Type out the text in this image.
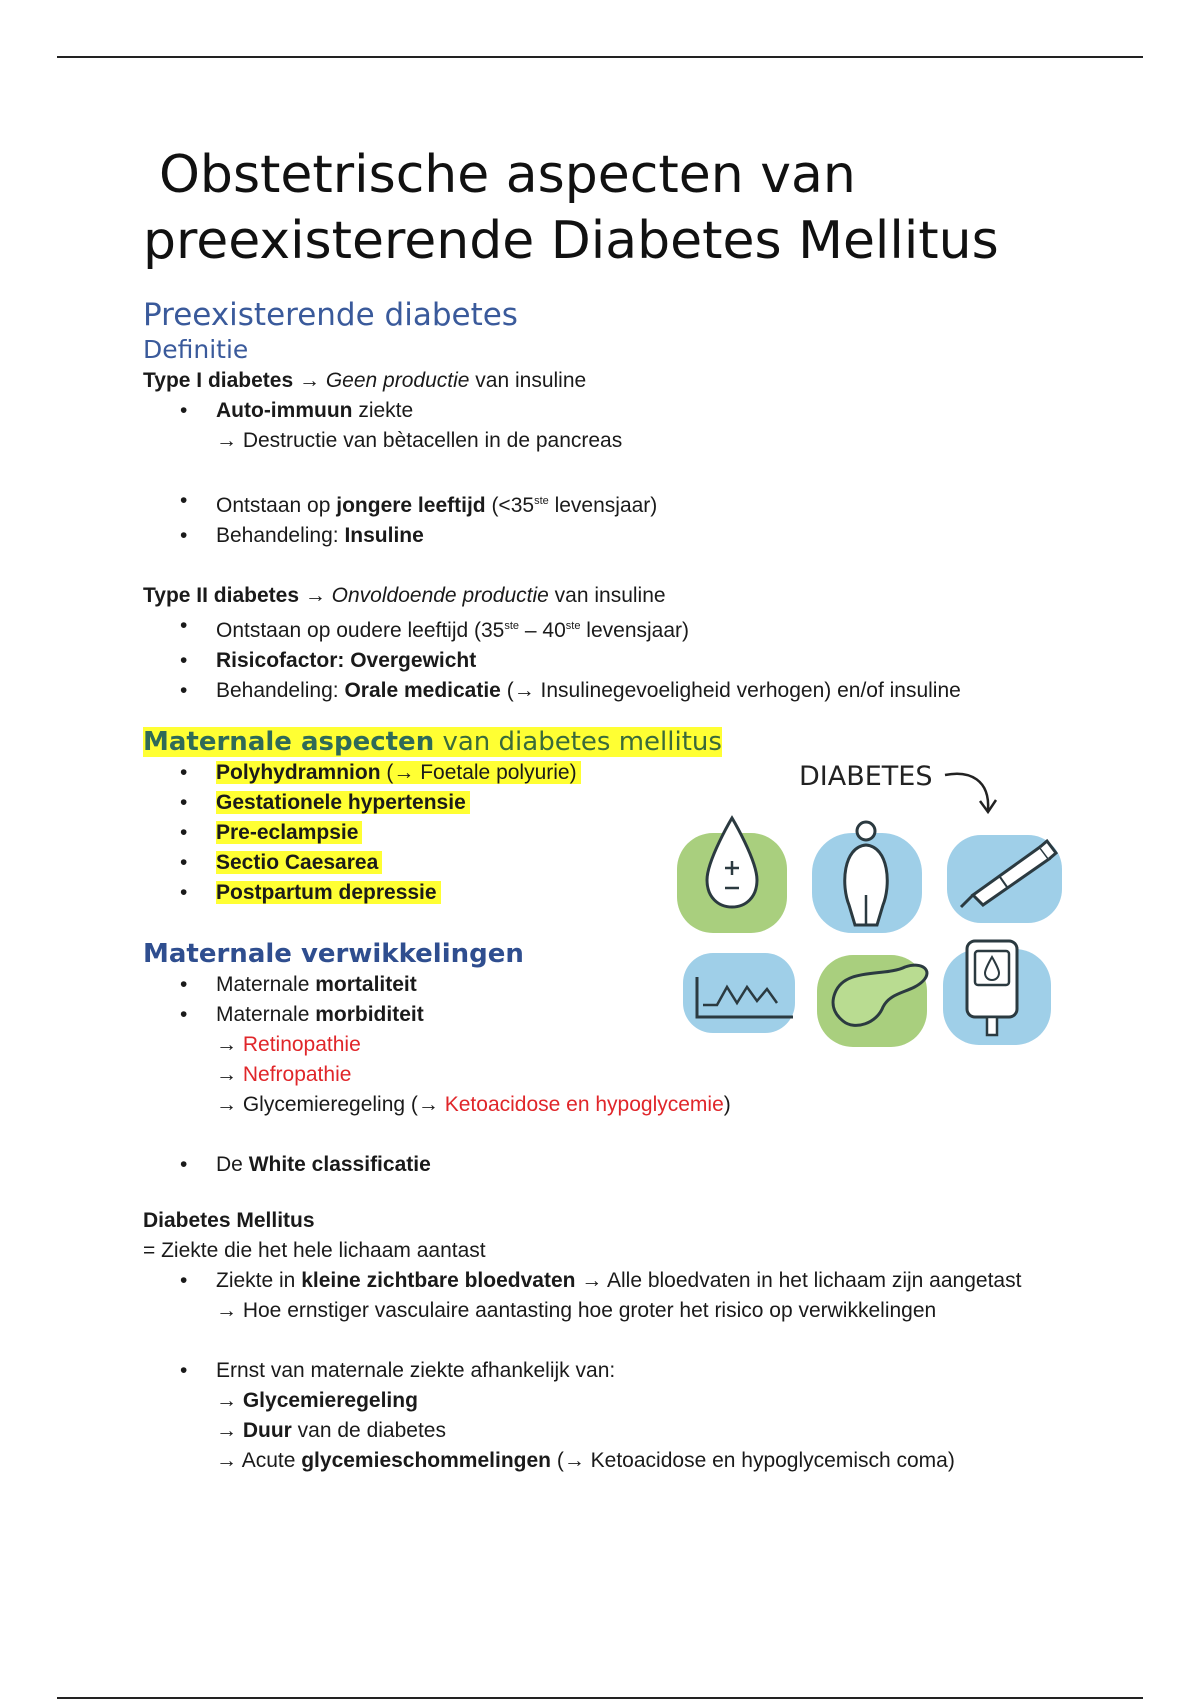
Obstetrische aspecten van
preexisterende Diabetes Mellitus

Preexisterende diabetes

Definitie

Type I diabetes → Geen productie van insuline

• Auto-immuun ziekte
→ Destructie van bètacellen in de pancreas
• Ontstaan op jongere leeftijd (<35ste levensjaar)
• Behandeling: Insuline

Type II diabetes → Onvoldoende productie van insuline

• Ontstaan op oudere leeftijd (35ste – 40ste levensjaar)
• Risicofactor: Overgewicht
• Behandeling: Orale medicatie (→ Insulinegevoeligheid verhogen) en/of insuline

Maternale aspecten van diabetes mellitus

• Polyhydramnion (→ Foetale polyurie)
• Gestationele hypertensie
• Pre-eclampsie
• Sectio Caesarea
• Postpartum depressie

Maternale verwikkelingen

• Maternale mortaliteit
• Maternale morbiditeit
→ Retinopathie
→ Nefropathie
→ Glycemieregeling (→ Ketoacidose en hypoglycemie)
• De White classificatie

Diabetes Mellitus

= Ziekte die het hele lichaam aantast

• Ziekte in kleine zichtbare bloedvaten → Alle bloedvaten in het lichaam zijn aangetast
→ Hoe ernstiger vasculaire aantasting hoe groter het risico op verwikkelingen
• Ernst van maternale ziekte afhankelijk van:
→ Glycemieregeling
→ Duur van de diabetes
→ Acute glycemieschommelingen (→ Ketoacidose en hypoglycemisch coma)
DIABETES
